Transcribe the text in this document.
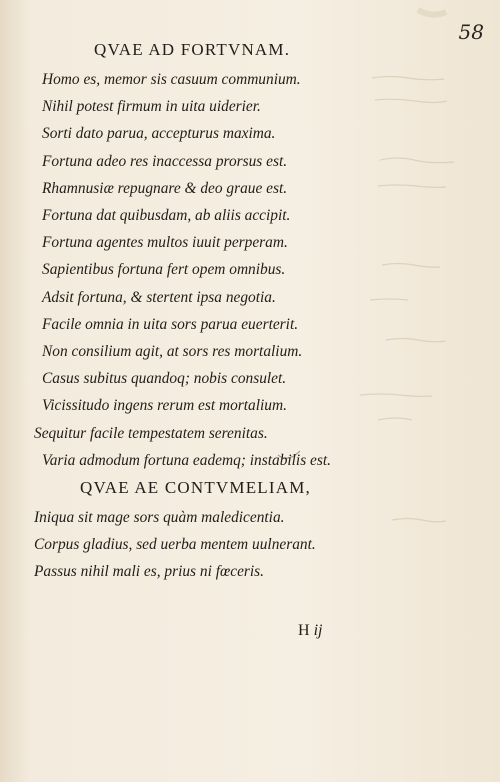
58
QVAE AD FORTVNAM.
Homo es, memor sis casuum communium.
Nihil potest firmum in uita uiderier.
Sorti dato parua, accepturus maxima.
Fortuna adeo res inaccessa prorsus est.
Rhamnusiæ repugnare & deo graue est.
Fortuna dat quibusdam, ab aliis accipit.
Fortuna agentes multos iuuit perperam.
Sapientibus fortuna fert opem omnibus.
Adsit fortuna, & stertent ipsa negotia.
Facile omnia in uita sors parua euerterit.
Non consilium agit, at sors res mortalium.
Casus subitus quandoq; nobis consulet.
Vicissitudo ingens rerum est mortalium.
Sequitur facile tempestatem serenitas.
Varia admodum fortuna eademq; instabilis est.
QVAE AE CONTVMELIAM,
Iniqua sit mage sors quàm maledicentia.
Corpus gladius, sed uerba mentem uulnerant.
Passus nihil mali es, prius ni fœceris.
H ij
